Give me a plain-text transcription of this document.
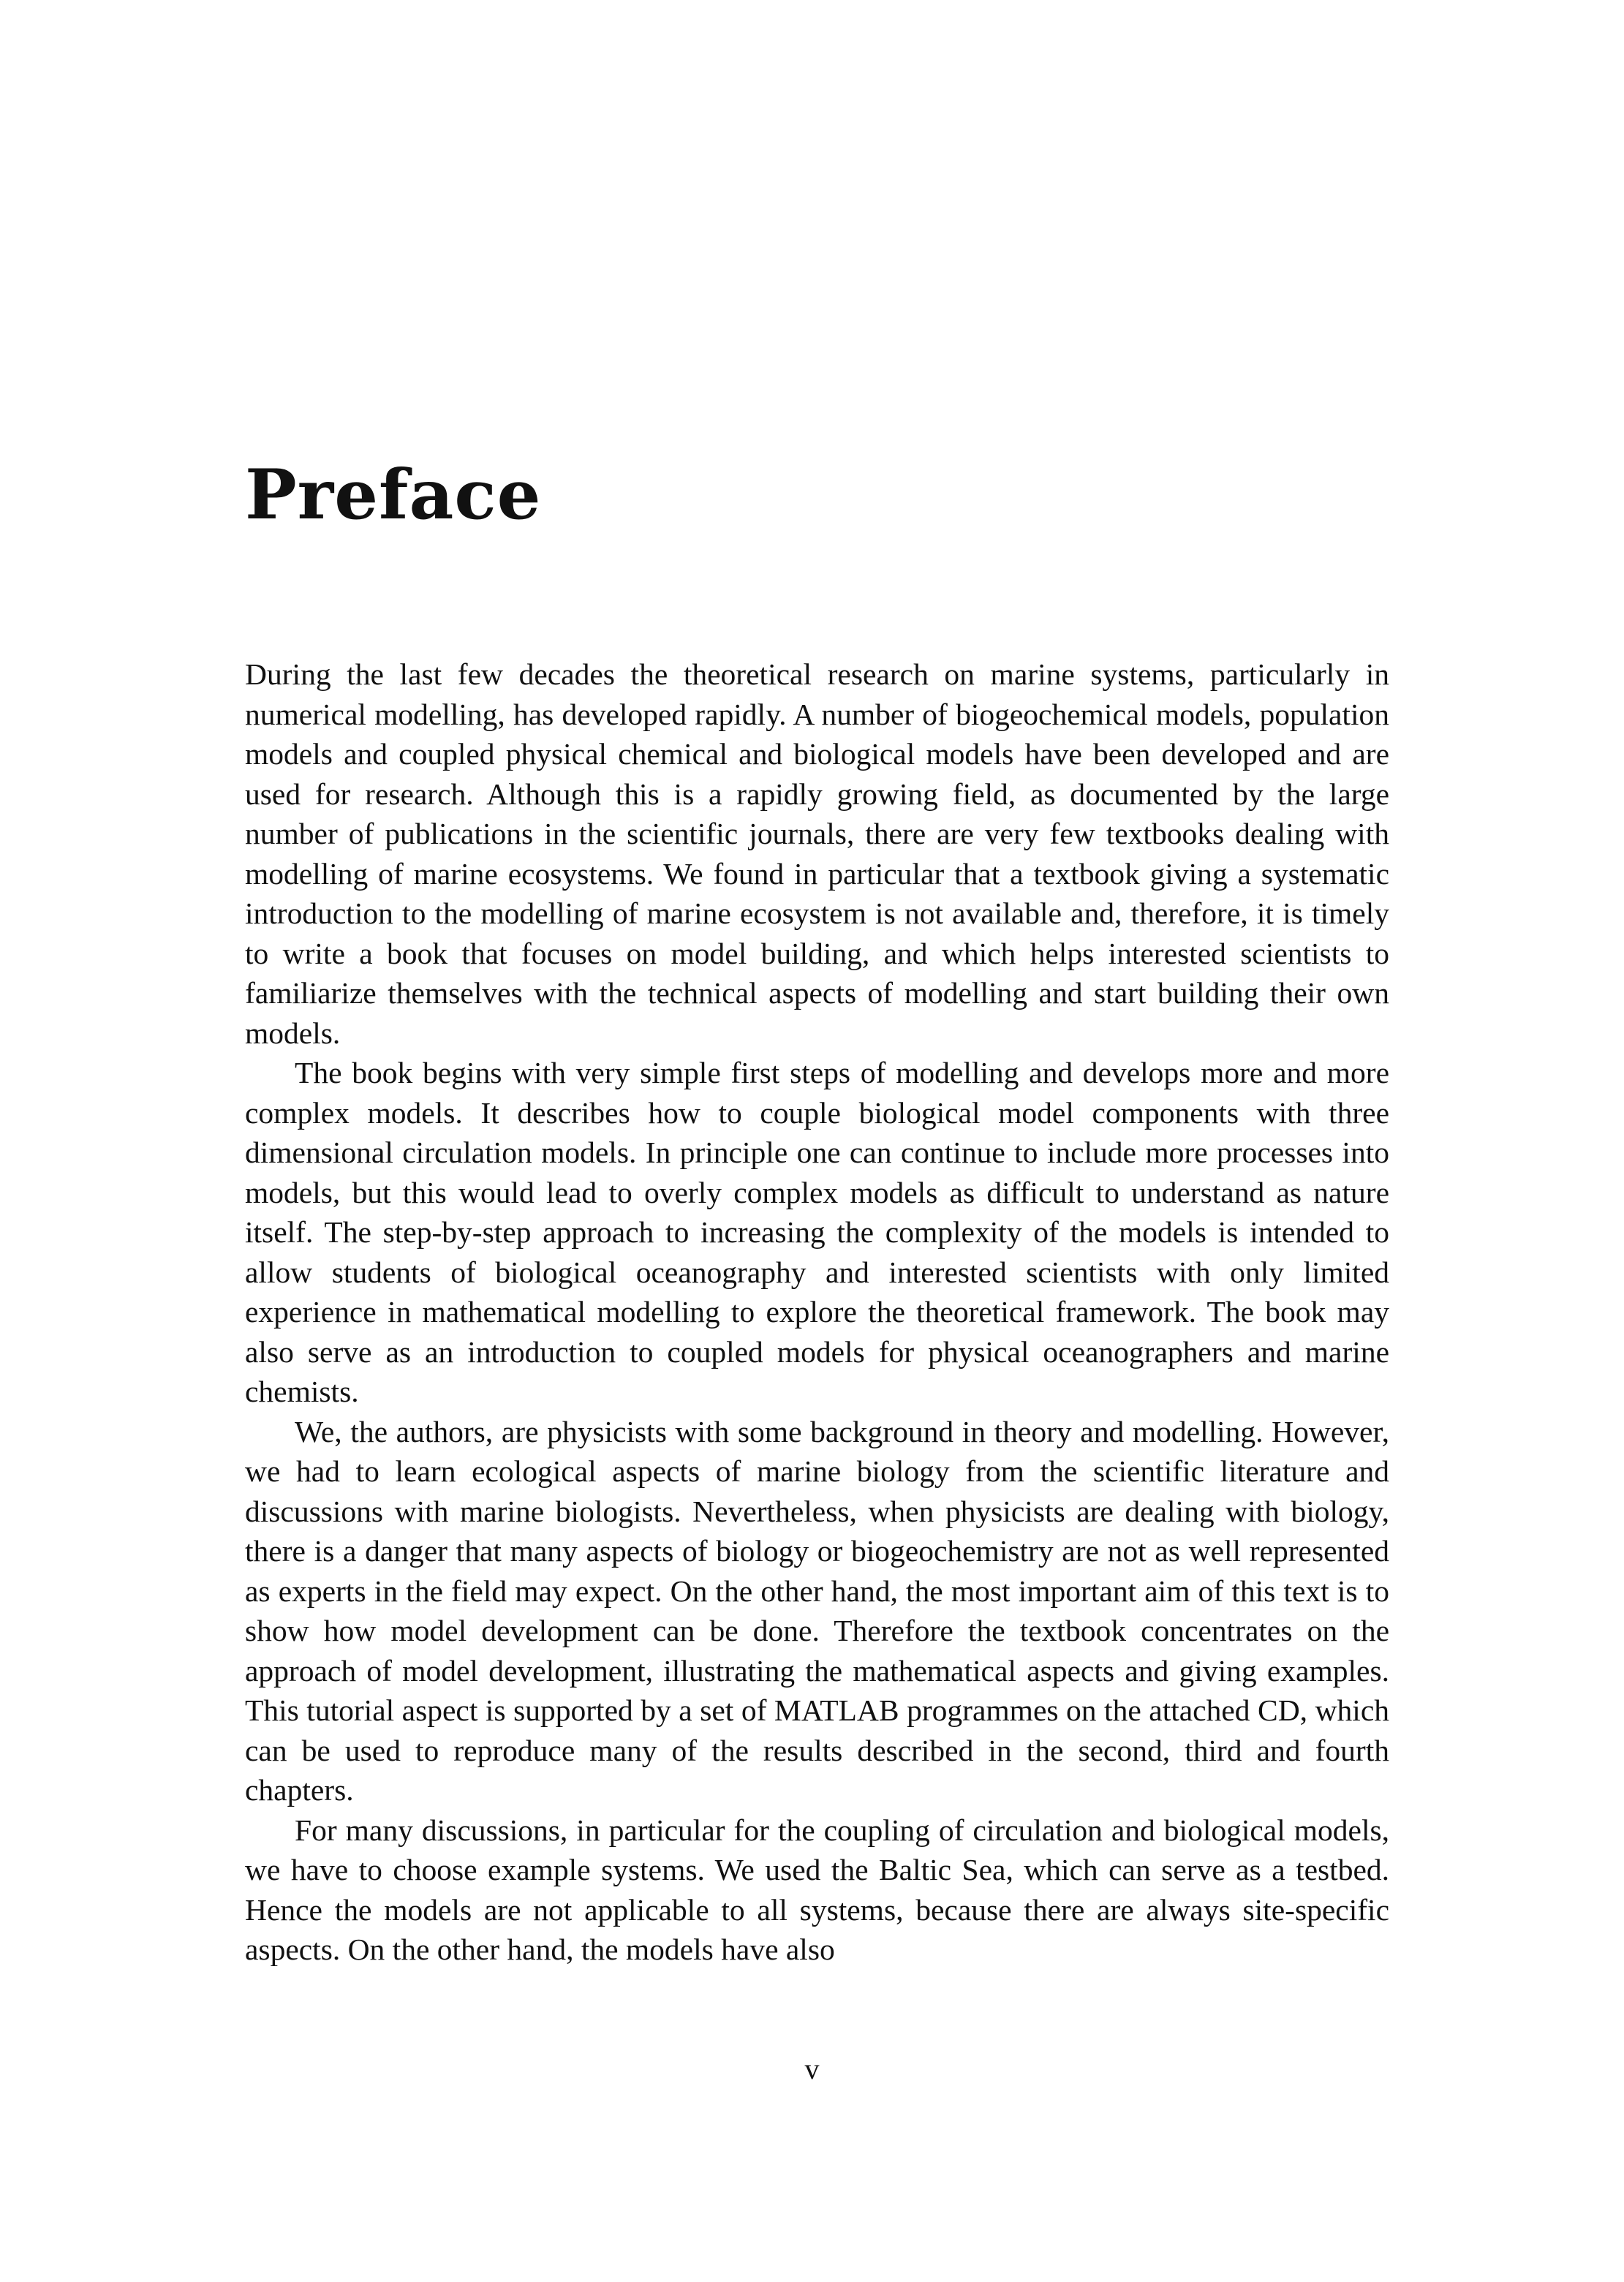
Preface

During the last few decades the theoretical research on marine systems, particularly in numerical modelling, has developed rapidly. A number of biogeochemical models, population models and coupled physical chemical and biological models have been developed and are used for research. Although this is a rapidly growing field, as documented by the large number of publications in the scientific journals, there are very few textbooks dealing with modelling of marine ecosystems. We found in particular that a textbook giving a systematic introduction to the modelling of marine ecosystem is not available and, therefore, it is timely to write a book that focuses on model building, and which helps interested scientists to familiarize themselves with the technical aspects of modelling and start building their own models.

The book begins with very simple first steps of modelling and develops more and more complex models. It describes how to couple biological model components with three dimensional circulation models. In principle one can continue to include more processes into models, but this would lead to overly complex models as difficult to understand as nature itself. The step-by-step approach to increasing the complexity of the models is intended to allow students of biological oceanography and interested scientists with only limited experience in mathematical modelling to explore the theoretical framework. The book may also serve as an introduction to coupled models for physical oceanographers and marine chemists.

We, the authors, are physicists with some background in theory and modelling. However, we had to learn ecological aspects of marine biology from the scientific literature and discussions with marine biologists. Nevertheless, when physicists are dealing with biology, there is a danger that many aspects of biology or biogeochemistry are not as well represented as experts in the field may expect. On the other hand, the most important aim of this text is to show how model development can be done. Therefore the textbook concentrates on the approach of model development, illustrating the mathematical aspects and giving examples. This tutorial aspect is supported by a set of MATLAB programmes on the attached CD, which can be used to reproduce many of the results described in the second, third and fourth chapters.

For many discussions, in particular for the coupling of circulation and biological models, we have to choose example systems. We used the Baltic Sea, which can serve as a testbed. Hence the models are not applicable to all systems, because there are always site-specific aspects. On the other hand, the models have also

v
